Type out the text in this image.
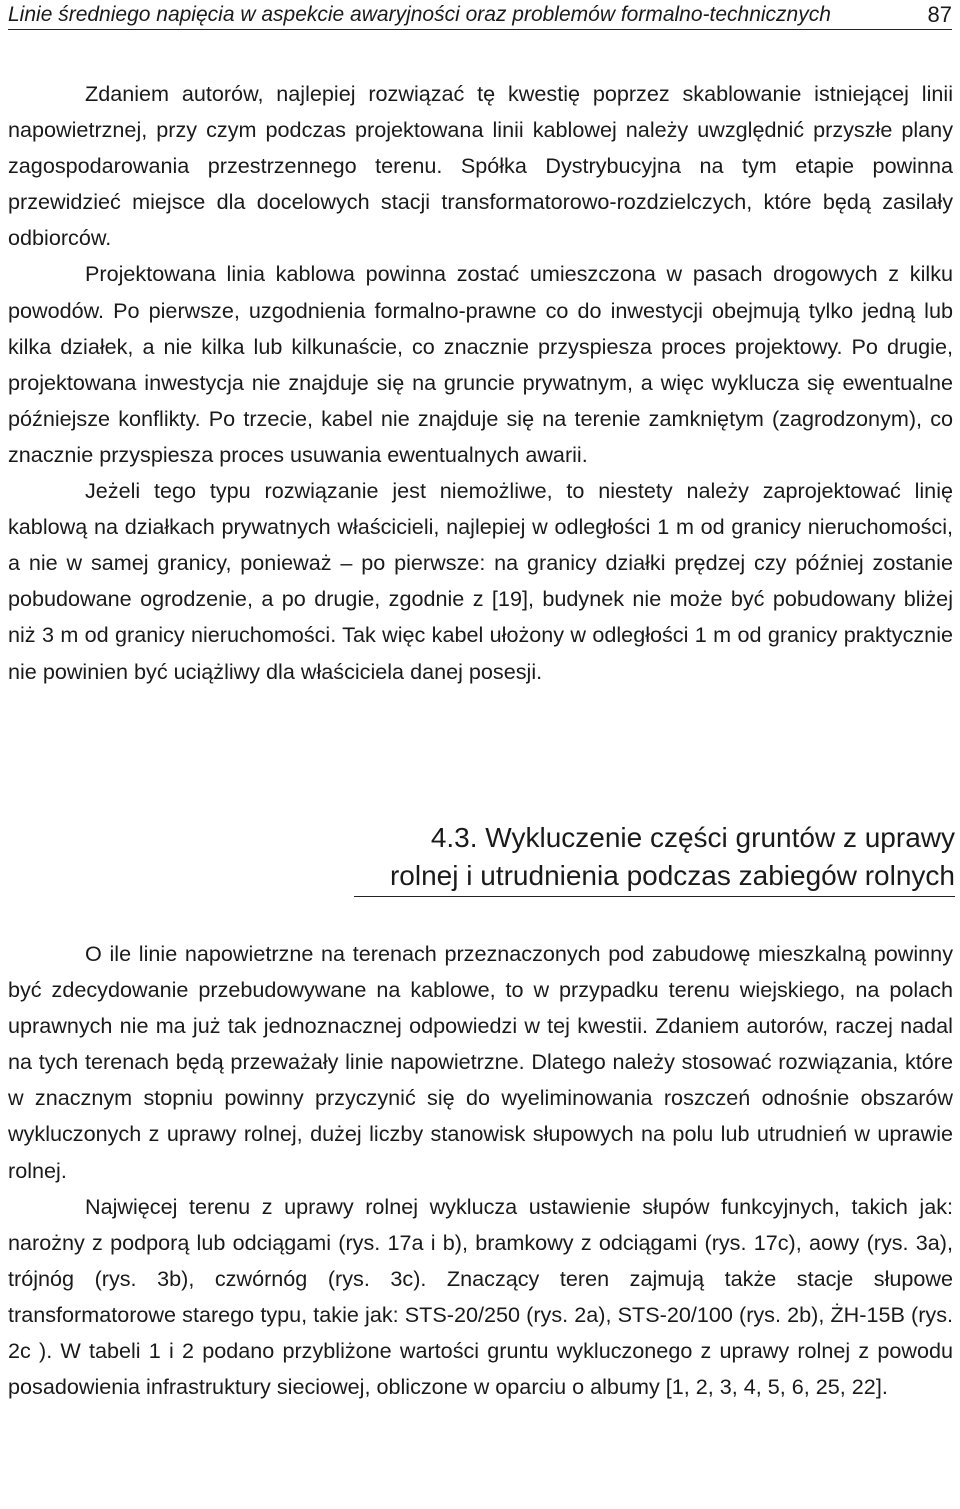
Linie średniego napięcia w aspekcie awaryjności oraz problemów formalno-technicznych	87

Zdaniem autorów, najlepiej rozwiązać tę kwestię poprzez skablowanie istniejącej linii napowietrznej, przy czym podczas projektowana linii kablowej należy uwzględnić przyszłe plany zagospodarowania przestrzennego terenu. Spółka Dystrybucyjna na tym etapie powinna przewidzieć miejsce dla docelowych stacji transformatorowo-rozdzielczych, które będą zasilały odbiorców.

Projektowana linia kablowa powinna zostać umieszczona w pasach drogowych z kilku powodów. Po pierwsze, uzgodnienia formalno-prawne co do inwestycji obejmują tylko jedną lub kilka działek, a nie kilka lub kilkunaście, co znacznie przyspiesza proces projektowy. Po drugie, projektowana inwestycja nie znajduje się na gruncie prywatnym, a więc wyklucza się ewentualne późniejsze konflikty. Po trzecie, kabel nie znajduje się na terenie zamkniętym (zagrodzonym), co znacznie przyspiesza proces usuwania ewentualnych awarii.

Jeżeli tego typu rozwiązanie jest niemożliwe, to niestety należy zaprojektować linię kablową na działkach prywatnych właścicieli, najlepiej w odległości 1 m od granicy nieruchomości, a nie w samej granicy, ponieważ – po pierwsze: na granicy działki prędzej czy później zostanie pobudowane ogrodzenie, a po drugie, zgodnie z [19], budynek nie może być pobudowany bliżej niż 3 m od granicy nieruchomości. Tak więc kabel ułożony w odległości 1 m od granicy praktycznie nie powinien być uciążliwy dla właściciela danej posesji.

4.3. Wykluczenie części gruntów z uprawy
rolnej i utrudnienia podczas zabiegów rolnych

O ile linie napowietrzne na terenach przeznaczonych pod zabudowę mieszkalną powinny być zdecydowanie przebudowywane na kablowe, to w przypadku terenu wiejskiego, na polach uprawnych nie ma już tak jednoznacznej odpowiedzi w tej kwestii. Zdaniem autorów, raczej nadal na tych terenach będą przeważały linie napowietrzne. Dlatego należy stosować rozwiązania, które w znacznym stopniu powinny przyczynić się do wyeliminowania roszczeń odnośnie obszarów wykluczonych z uprawy rolnej, dużej liczby stanowisk słupowych na polu lub utrudnień w uprawie rolnej.

Najwięcej terenu z uprawy rolnej wyklucza ustawienie słupów funkcyjnych, takich jak: narożny z podporą lub odciągami (rys. 17a i b), bramkowy z odciągami (rys. 17c), aowy (rys. 3a), trójnóg (rys. 3b), czwórnóg (rys. 3c). Znaczący teren zajmują także stacje słupowe transformatorowe starego typu, takie jak: STS-20/250 (rys. 2a), STS-20/100 (rys. 2b), ŻH-15B (rys. 2c ). W tabeli 1 i 2 podano przybliżone wartości gruntu wykluczonego z uprawy rolnej z powodu posadowienia infrastruktury sieciowej, obliczone w oparciu o albumy [1, 2, 3, 4, 5, 6, 25, 22].
